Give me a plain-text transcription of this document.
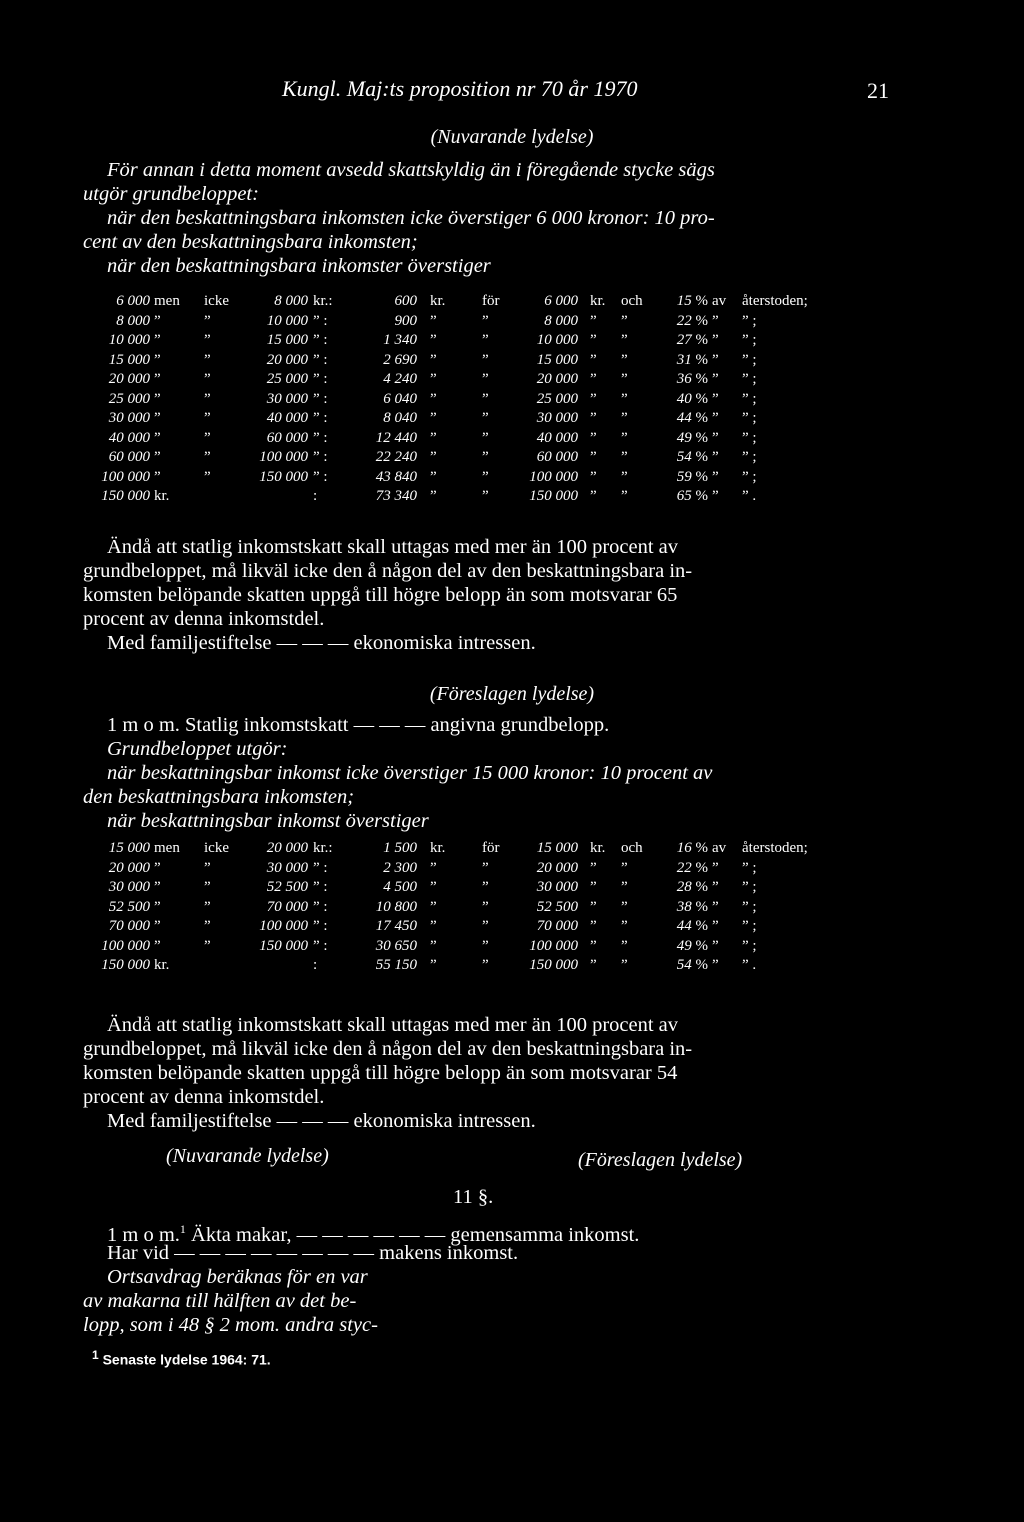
Kungl. Maj:ts proposition nr 70 år 1970	21
(Nuvarande lydelse)
För annan i detta moment avsedd skattskyldig än i föregående stycke sägs
utgör grundbeloppet:
när den beskattningsbara inkomsten icke överstiger 6 000 kronor: 10 pro-
cent av den beskattningsbara inkomsten;
när den beskattningsbara inkomster överstiger
6 000 men icke	8 000 kr.:	600 kr. för	6 000 kr. och	15 % av återstoden;
8 000 ”	”	10 000 ” :	900 ”	”	8 000 ” ”	22 % ” ” ;
10 000 ”	”	15 000 ” :	1 340 ”	”	10 000 ” ”	27 % ” ” ;
15 000 ”	”	20 000 ” :	2 690 ”	”	15 000 ” ”	31 % ” ” ;
20 000 ”	”	25 000 ” :	4 240 ”	”	20 000 ” ”	36 % ” ” ;
25 000 ”	”	30 000 ” :	6 040 ”	”	25 000 ” ”	40 % ” ” ;
30 000 ”	”	40 000 ” :	8 040 ”	”	30 000 ” ”	44 % ” ” ;
40 000 ”	”	60 000 ” :	12 440 ”	”	40 000 ” ”	49 % ” ” ;
60 000 ”	”	100 000 ” :	22 240 ”	”	60 000 ” ”	54 % ” ” ;
100 000 ”	”	150 000 ” :	43 840 ”	”	100 000 ” ”	59 % ” ” ;
150 000 kr.	:	73 340 ”	”	150 000 ” ”	65 % ” ” .
Ändå att statlig inkomstskatt skall uttagas med mer än 100 procent av
grundbeloppet, må likväl icke den å någon del av den beskattningsbara in-
komsten belöpande skatten uppgå till högre belopp än som motsvarar 65
procent av denna inkomstdel.
Med familjestiftelse — — — ekonomiska intressen.
(Föreslagen lydelse)
1 m o m. Statlig inkomstskatt — — — angivna grundbelopp.
Grundbeloppet utgör:
när beskattningsbar inkomst icke överstiger 15 000 kronor: 10 procent av
den beskattningsbara inkomsten;
när beskattningsbar inkomst överstiger
15 000 men icke	20 000 kr.:	1 500 kr. för	15 000 kr. och	16 % av återstoden;
20 000 ”	”	30 000 ” :	2 300 ”	”	20 000 ” ”	22 % ” ” ;
30 000 ”	”	52 500 ” :	4 500 ”	”	30 000 ” ”	28 % ” ” ;
52 500 ”	”	70 000 ” :	10 800 ”	”	52 500 ” ”	38 % ” ” ;
70 000 ”	”	100 000 ” :	17 450 ”	”	70 000 ” ”	44 % ” ” ;
100 000 ”	”	150 000 ” :	30 650 ”	”	100 000 ” ”	49 % ” ” ;
150 000 kr.	:	55 150 ”	”	150 000 ” ”	54 % ” ” .
Ändå att statlig inkomstskatt skall uttagas med mer än 100 procent av
grundbeloppet, må likväl icke den å någon del av den beskattningsbara in-
komsten belöpande skatten uppgå till högre belopp än som motsvarar 54
procent av denna inkomstdel.
Med familjestiftelse — — — ekonomiska intressen.
(Nuvarande lydelse)	(Föreslagen lydelse)
11 §.
1 m o m.$^1$ Äkta makar, — — — — — — gemensamma inkomst.
Har vid — — — — — — — — makens inkomst.
Ortsavdrag beräknas för en var
av makarna till hälften av det be-
lopp, som i 48 § 2 mom. andra styc-
1 Senaste lydelse 1964: 71.
